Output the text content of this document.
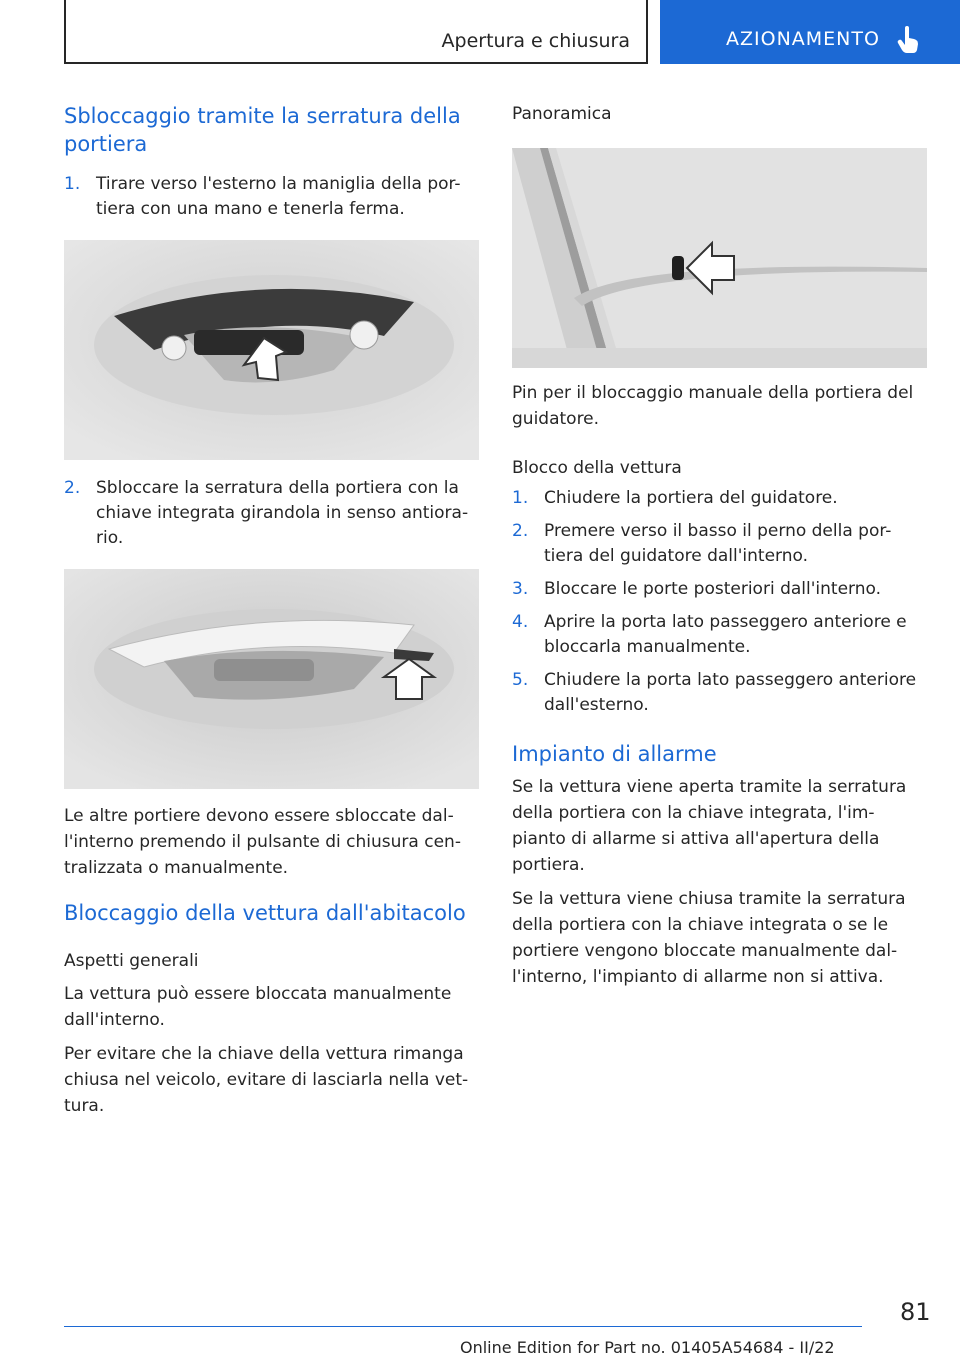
Apertura e chiusura	AZIONAMENTO
Sbloccaggio tramite la serratura della portiera
1. Tirare verso l'esterno la maniglia della por-tiera con una mano e tenerla ferma.
2. Sbloccare la serratura della portiera con la chiave integrata girandola in senso antiora-rio.

Le altre portiere devono essere sbloccate dal-l'interno premendo il pulsante di chiusura cen-tralizzata o manualmente.

Bloccaggio della vettura dall'abitacolo
Aspetti generali

La vettura può essere bloccata manualmente dall'interno.

Per evitare che la chiave della vettura rimanga chiusa nel veicolo, evitare di lasciarla nella vet-tura.

Panoramica

Pin per il bloccaggio manuale della portiera del guidatore.

Blocco della vettura
1. Chiudere la portiera del guidatore.
2. Premere verso il basso il perno della por-tiera del guidatore dall'interno.
3. Bloccare le porte posteriori dall'interno.
4. Aprire la porta lato passeggero anteriore e bloccarla manualmente.
5. Chiudere la porta lato passeggero anteriore dall'esterno.
Impianto di allarme

Se la vettura viene aperta tramite la serratura della portiera con la chiave integrata, l'im-pianto di allarme si attiva all'apertura della portiera.

Se la vettura viene chiusa tramite la serratura della portiera con la chiave integrata o se le portiere vengono bloccate manualmente dal-l'interno, l'impianto di allarme non si attiva.

81
Online Edition for Part no. 01405A54684 - II/22
